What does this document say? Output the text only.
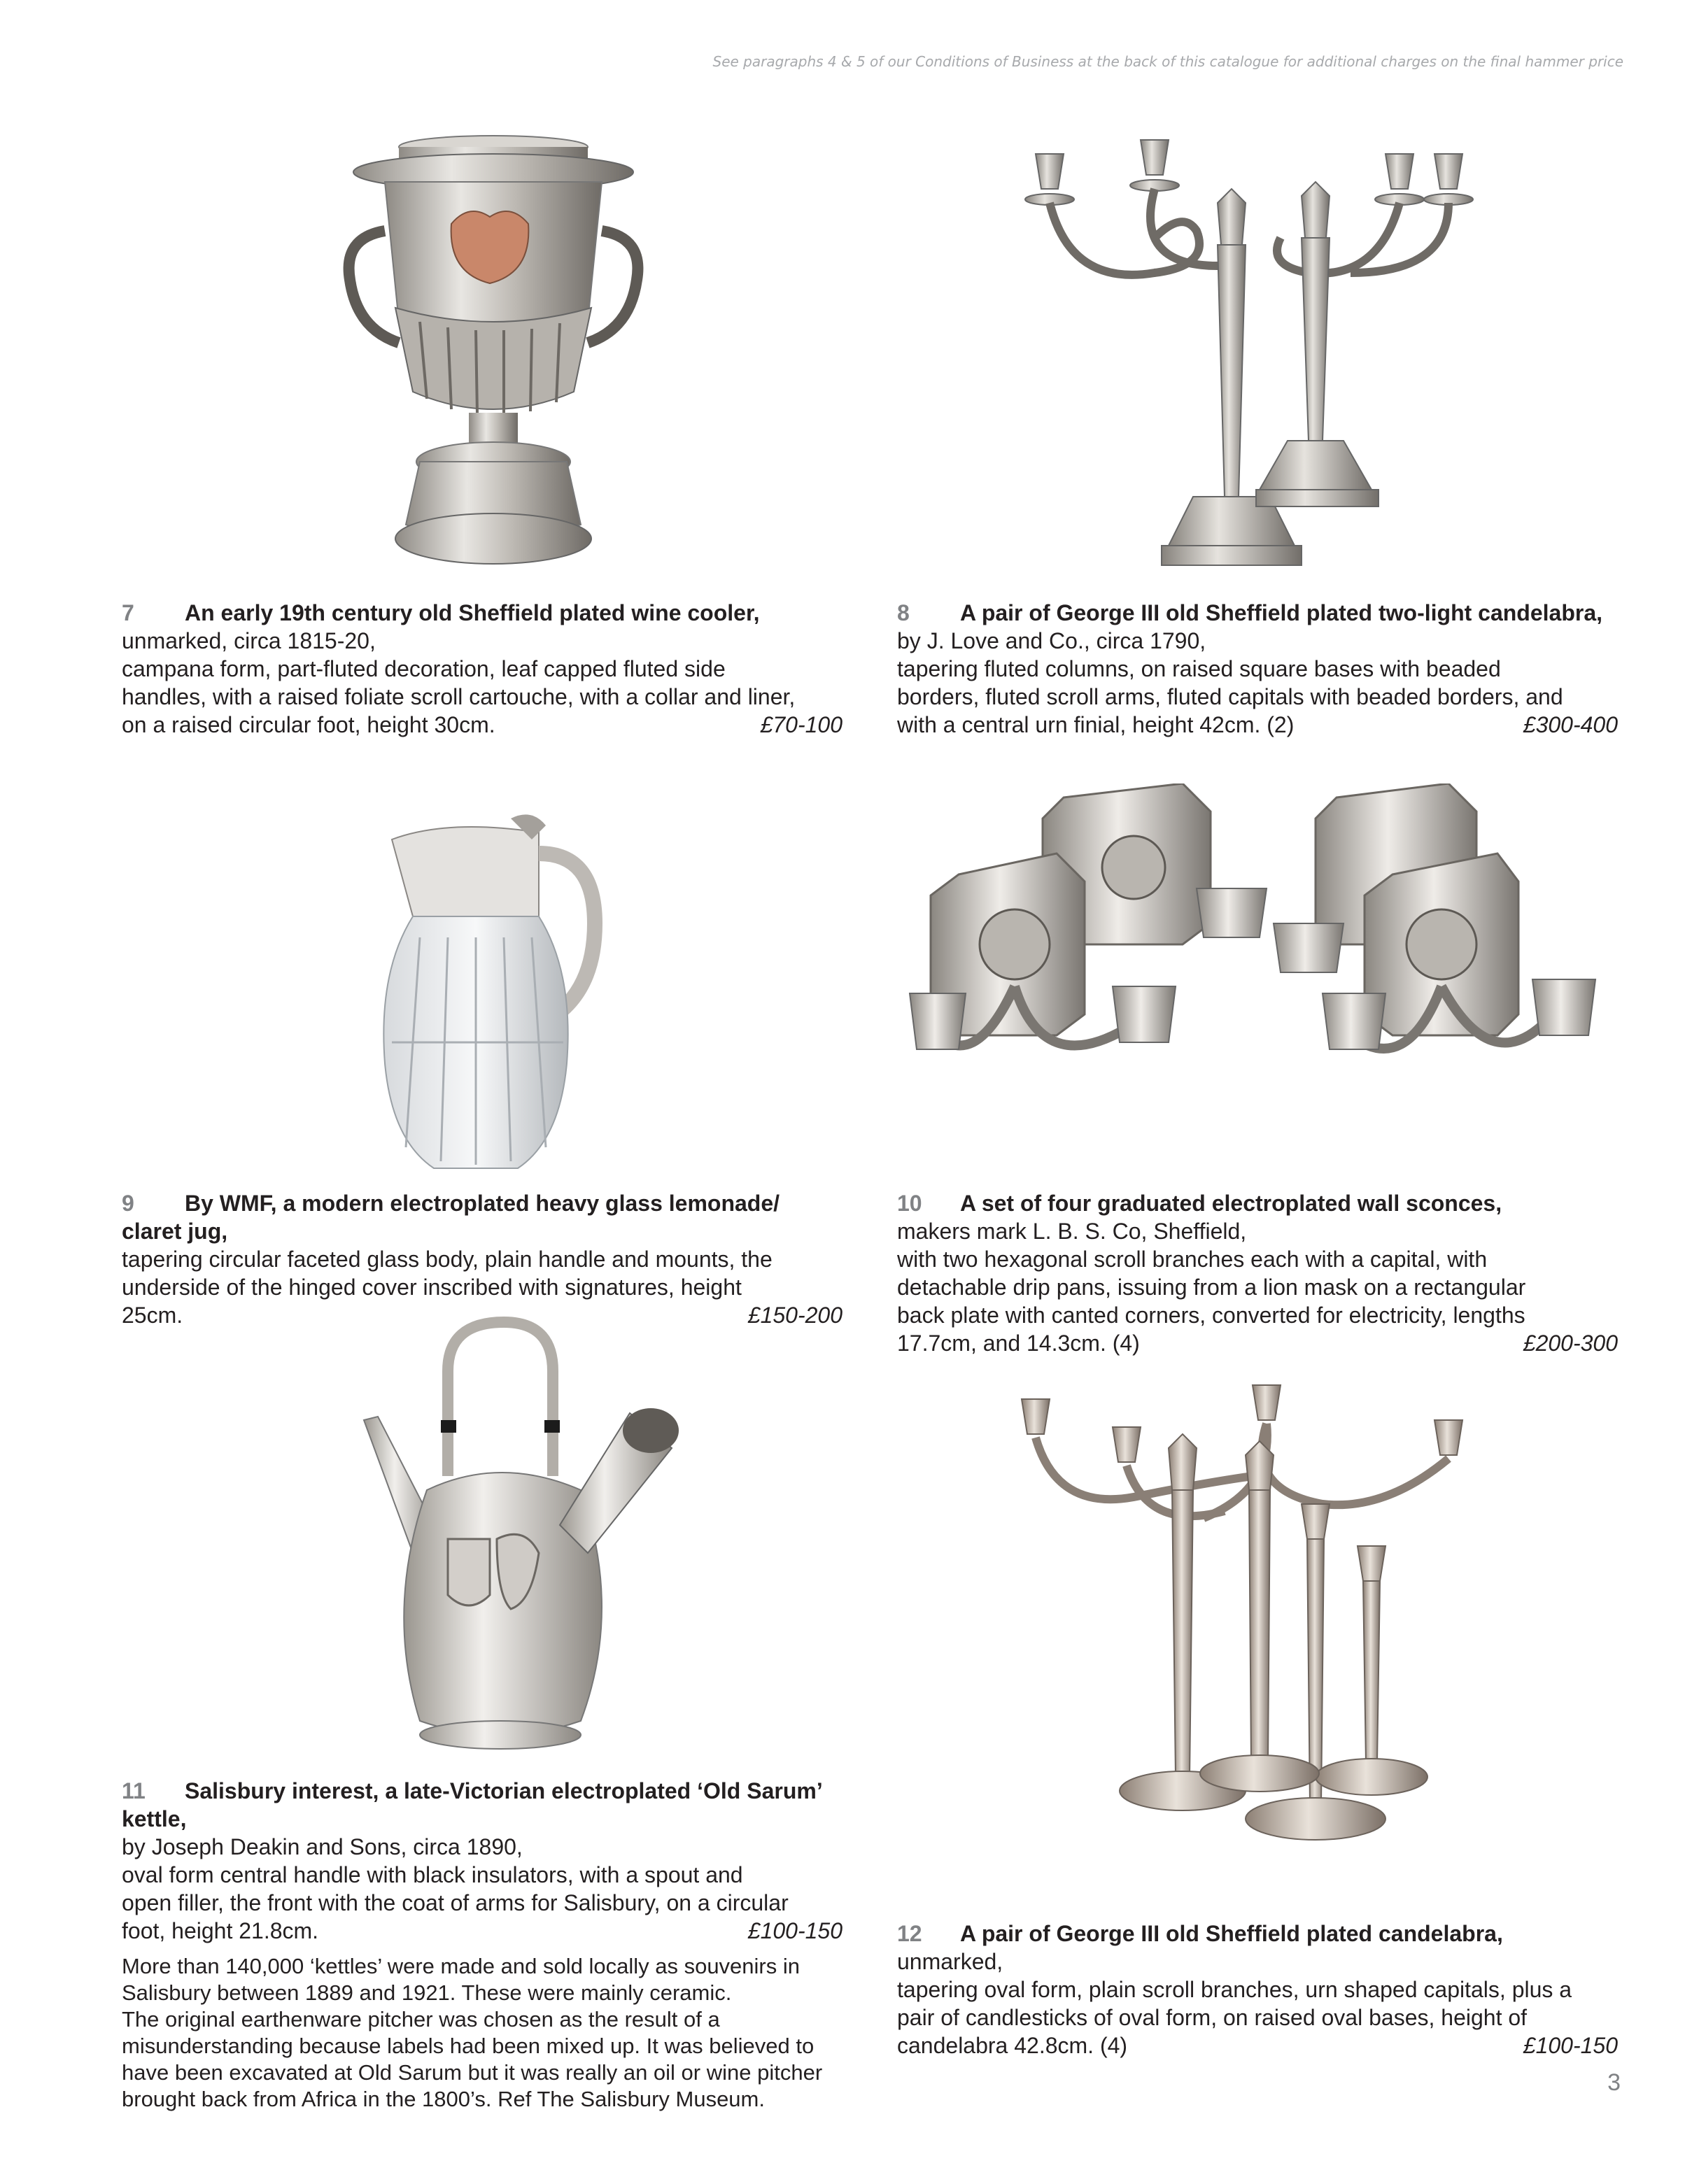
See paragraphs 4 & 5 of our Conditions of Business at the back of this catalogue for additional charges on the final hammer price
7 An early 19th century old Sheffield plated wine cooler,
unmarked, circa 1815-20,
campana form, part-fluted decoration, leaf capped fluted side
handles, with a raised foliate scroll cartouche, with a collar and liner,
on a raised circular foot, height 30cm.	£70-100
8 A pair of George III old Sheffield plated two-light candelabra,
by J. Love and Co., circa 1790,
tapering fluted columns, on raised square bases with beaded
borders, fluted scroll arms, fluted capitals with beaded borders, and
with a central urn finial, height 42cm. (2)	£300-400
9 By WMF, a modern electroplated heavy glass lemonade/
claret jug,
tapering circular faceted glass body, plain handle and mounts, the
underside of the hinged cover inscribed with signatures, height
25cm.	£150-200
10 A set of four graduated electroplated wall sconces,
makers mark L. B. S. Co, Sheffield,
with two hexagonal scroll branches each with a capital, with
detachable drip pans, issuing from a lion mask on a rectangular
back plate with canted corners, converted for electricity, lengths
17.7cm, and 14.3cm. (4)	£200-300
11 Salisbury interest, a late-Victorian electroplated ‘Old Sarum’
kettle,
by Joseph Deakin and Sons, circa 1890,
oval form central handle with black insulators, with a spout and
open filler, the front with the coat of arms for Salisbury, on a circular
foot, height 21.8cm.	£100-150
More than 140,000 ‘kettles’ were made and sold locally as souvenirs in
Salisbury between 1889 and 1921. These were mainly ceramic.
The original earthenware pitcher was chosen as the result of a
misunderstanding because labels had been mixed up. It was believed to
have been excavated at Old Sarum but it was really an oil or wine pitcher
brought back from Africa in the 1800’s. Ref The Salisbury Museum.
12 A pair of George III old Sheffield plated candelabra,
unmarked,
tapering oval form, plain scroll branches, urn shaped capitals, plus a
pair of candlesticks of oval form, on raised oval bases, height of
candelabra 42.8cm. (4)	£100-150
3
